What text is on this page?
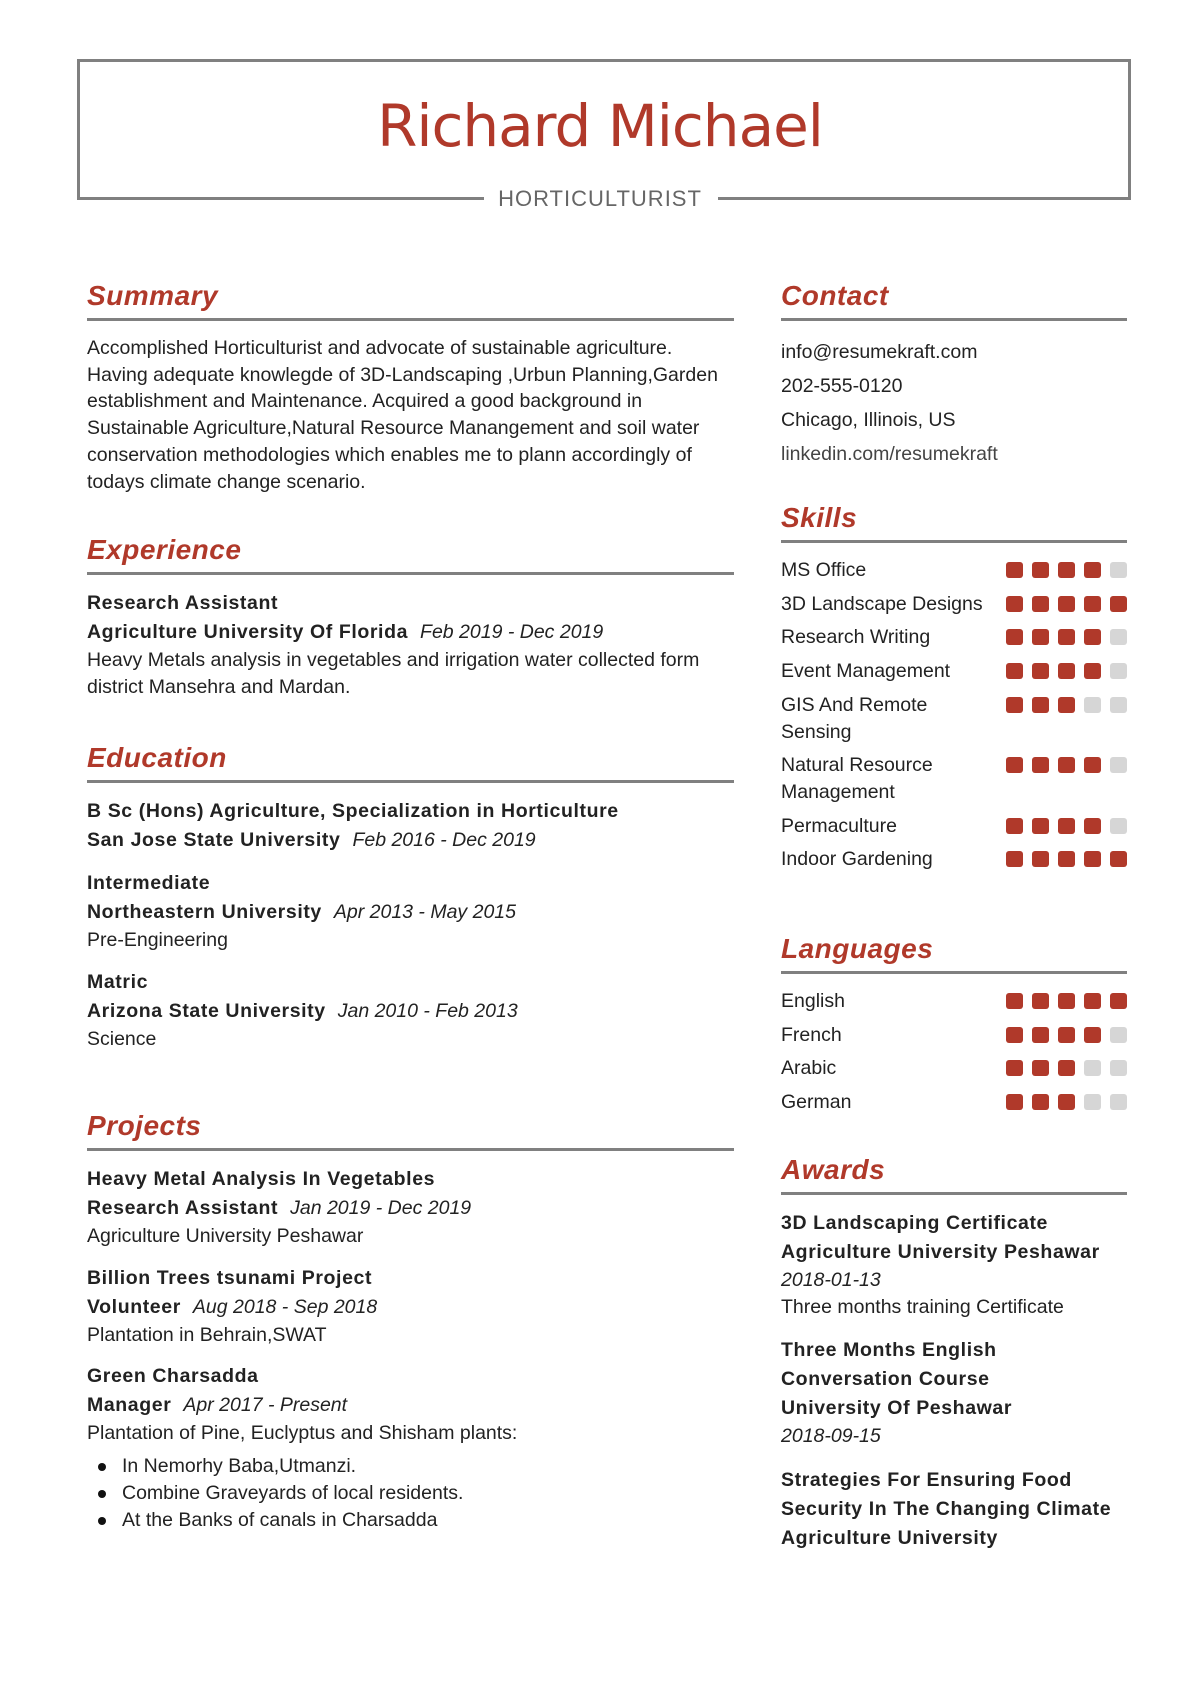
Richard Michael
HORTICULTURIST
Summary

Accomplished Horticulturist and advocate of sustainable agriculture. Having adequate knowlegde of 3D-Landscaping ,Urbun Planning,Garden establishment and Maintenance. Acquired a good background in Sustainable Agriculture,Natural Resource Manangement and soil water conservation methodologies which enables me to plann accordingly of todays climate change scenario.

Experience
Research Assistant
Agriculture University Of Florida Feb 2019 - Dec 2019

Heavy Metals analysis in vegetables and irrigation water collected form district Mansehra and Mardan.

Education
B Sc (Hons) Agriculture, Specialization in Horticulture
San Jose State University Feb 2016 - Dec 2019
Intermediate
Northeastern University Apr 2013 - May 2015

Pre-Engineering

Matric
Arizona State University Jan 2010 - Feb 2013

Science

Projects
Heavy Metal Analysis In Vegetables
Research Assistant Jan 2019 - Dec 2019

Agriculture University Peshawar

Billion Trees tsunami Project
Volunteer Aug 2018 - Sep 2018

Plantation in Behrain,SWAT

Green Charsadda
Manager Apr 2017 - Present

Plantation of Pine, Euclyptus and Shisham plants:

In Nemorhy Baba,Utmanzi.
Combine Graveyards of local residents.
At the Banks of canals in Charsadda
Contact

info@resumekraft.com

202-555-0120

Chicago, Illinois, US

linkedin.com/resumekraft

Skills
MS Office
3D Landscape Designs
Research Writing
Event Management
GIS And Remote Sensing
Natural Resource Management
Permaculture
Indoor Gardening
Languages
English
French
Arabic
German
Awards
3D Landscaping Certificate
Agriculture University Peshawar

2018-01-13

Three months training Certificate

Three Months English Conversation Course
University Of Peshawar

2018-09-15

Strategies For Ensuring Food Security In The Changing Climate
Agriculture University
